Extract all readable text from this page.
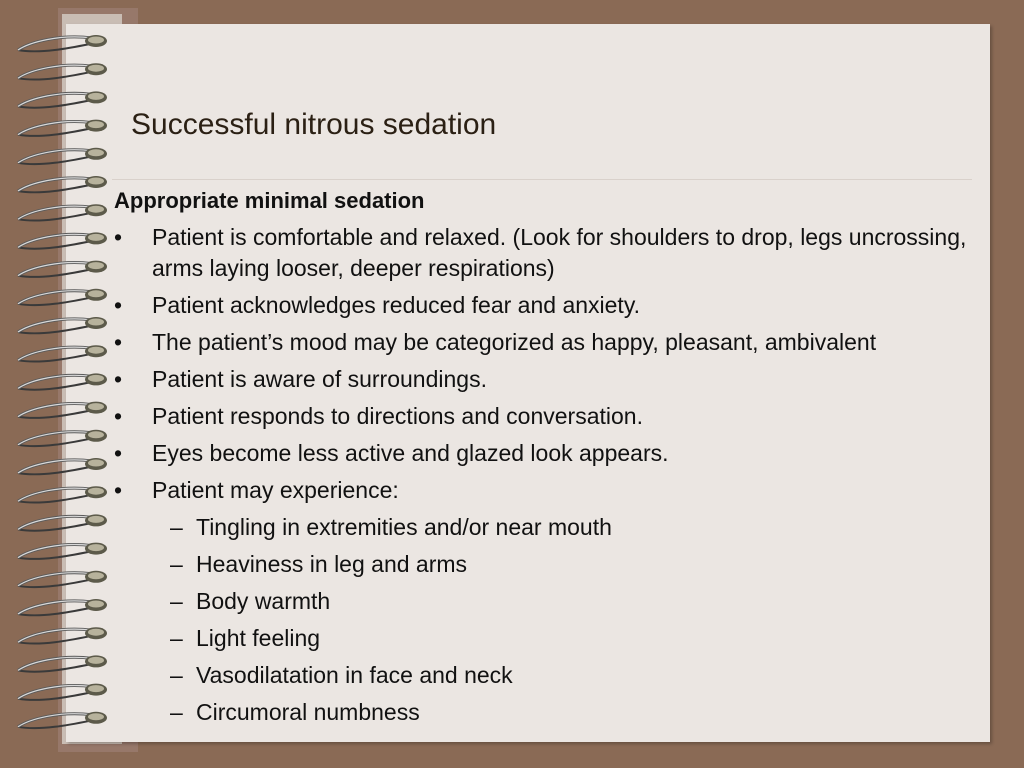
Successful nitrous sedation
Appropriate minimal sedation
• Patient is comfortable and relaxed. (Look for shoulders to drop, legs uncrossing, arms laying looser, deeper respirations)
• Patient acknowledges reduced fear and anxiety.
• The patient’s mood may be categorized as happy, pleasant, ambivalent
• Patient is aware of surroundings.
• Patient responds to directions and conversation.
• Eyes become less active and glazed look appears.
• Patient may experience:
– Tingling in extremities and/or near mouth
– Heaviness in leg and arms
– Body warmth
– Light feeling
– Vasodilatation in face and neck
– Circumoral numbness
